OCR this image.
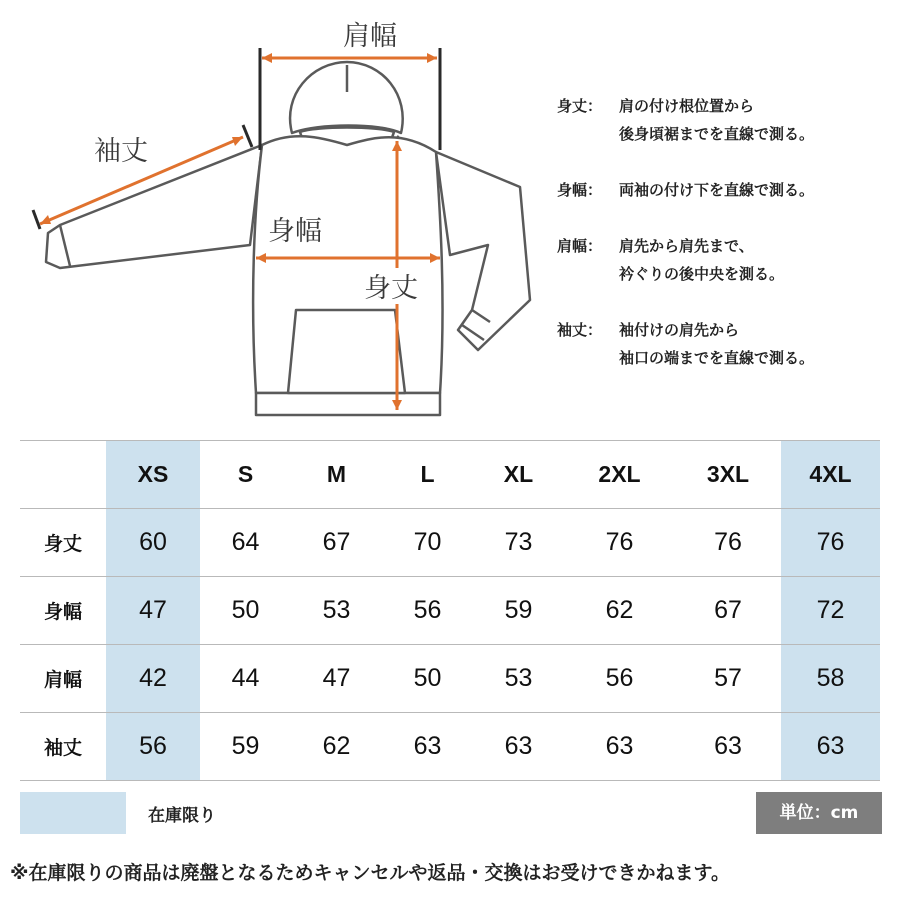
肩幅
袖丈
身幅
身丈
身丈：	肩の付け根位置から
後身頃裾までを直線で測る。
身幅：	両袖の付け下を直線で測る。
肩幅：	肩先から肩先まで、
衿ぐりの後中央を測る。
袖丈：	袖付けの肩先から
袖口の端までを直線で測る。
	XS	S	M	L	XL	2XL	3XL	4XL
身丈	60	64	67	70	73	76	76	76
身幅	47	50	53	56	59	62	67	72
肩幅	42	44	47	50	53	56	57	58
袖丈	56	59	62	63	63	63	63	63
在庫限り	単位：cm
※在庫限りの商品は廃盤となるためキャンセルや返品・交換はお受けできかねます。
